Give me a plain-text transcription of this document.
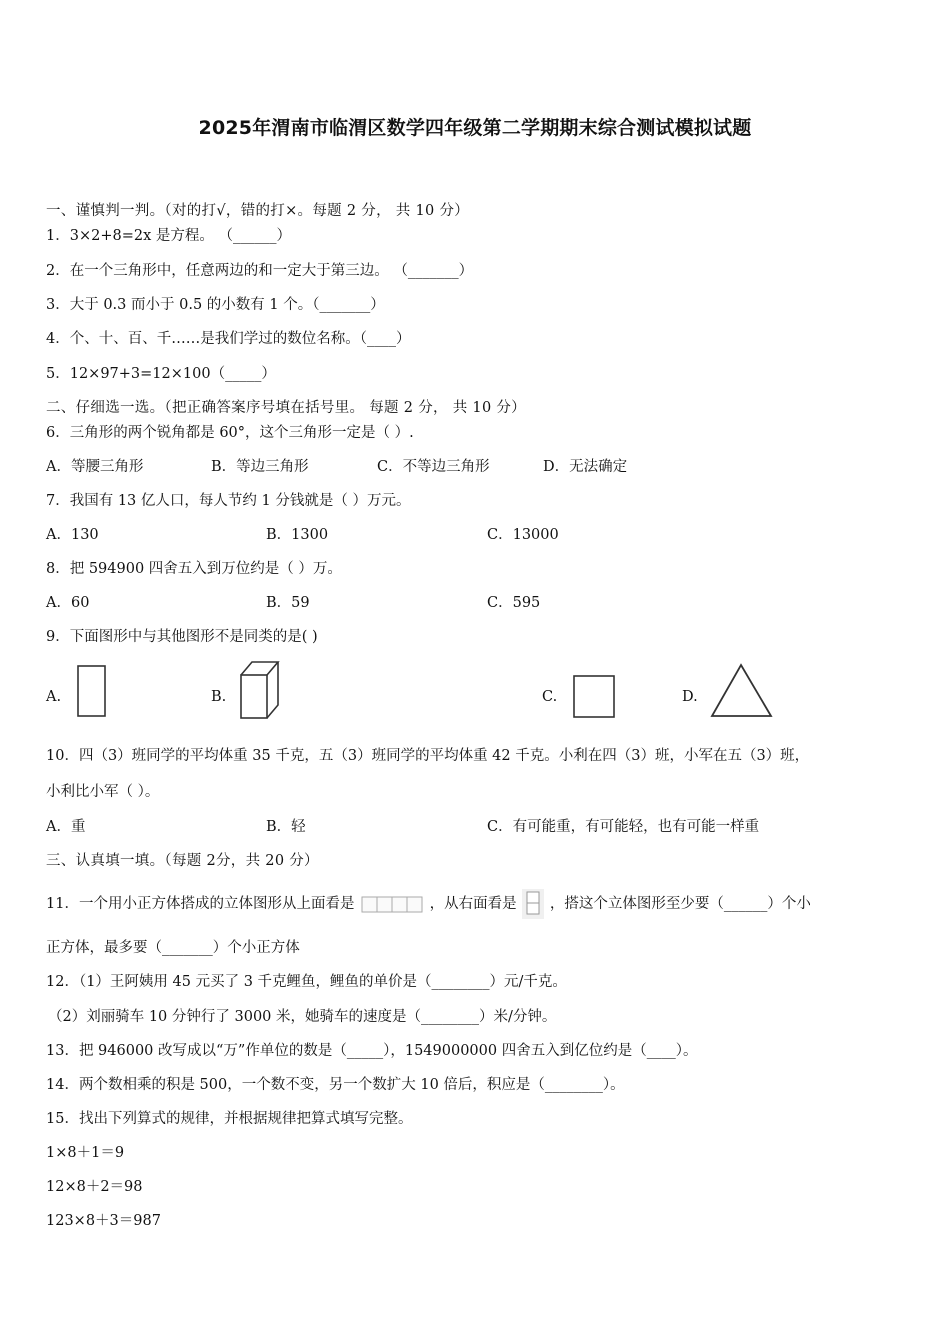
2025年渭南市临渭区数学四年级第二学期期末综合测试模拟试题
一、谨慎判一判。（对的打√，错的打×。每题 2 分， 共 10 分）
1．3×2+8=2x 是方程。 （______）
2．在一个三角形中，任意两边的和一定大于第三边。 （_______）
3．大于 0.3 而小于 0.5 的小数有 1 个。（_______）
4．个、十、百、千……是我们学过的数位名称。（____）
5．12×97+3=12×100（_____）
二、仔细选一选。（把正确答案序号填在括号里。 每题 2 分， 共 10 分）
6．三角形的两个锐角都是 60°，这个三角形一定是（ ）.
A．等腰三角形	B．等边三角形	C．不等边三角形	D．无法确定
7．我国有 13 亿人口，每人节约 1 分钱就是（ ）万元。
A．130	B．1300	C．13000
8．把 594900 四舍五入到万位约是（ ）万。
A．60	B．59	C．595
9．下面图形中与其他图形不是同类的是( )
A.	B.	C.	D.
10．四（3）班同学的平均体重 35 千克，五（3）班同学的平均体重 42 千克。小利在四（3）班，小军在五（3）班，
小利比小军（ ）。
A．重	B．轻	C．有可能重，有可能轻，也有可能一样重
三、认真填一填。（每题 2分，共 20 分）
11．一个用小正方体搭成的立体图形从上面看是	，从右面看是 ，搭这个立体图形至少要（______）个小
正方体，最多要（_______）个小正方体
12．（1）王阿姨用 45 元买了 3 千克鲤鱼，鲤鱼的单价是（________）元/千克。
（2）刘丽骑车 10 分钟行了 3000 米，她骑车的速度是（________）米/分钟。
13．把 946000 改写成以“万”作单位的数是（_____），1549000000 四舍五入到亿位约是（____）。
14．两个数相乘的积是 500，一个数不变，另一个数扩大 10 倍后，积应是（________）。
15．找出下列算式的规律，并根据规律把算式填写完整。
1×8＋1＝9
12×8＋2＝98
123×8＋3＝987
